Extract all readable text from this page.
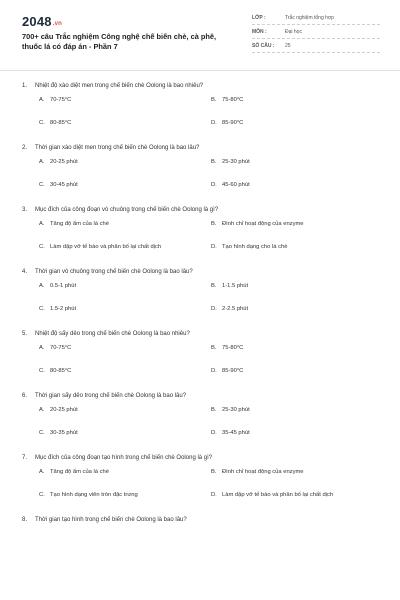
2048.vn
700+ câu Trắc nghiệm Công nghệ chế biến chè, cà phê, thuốc lá có đáp án - Phần 7
LỚP :	Trắc nghiệm tổng hợp
MÔN :	Đại học
SỐ CÂU : 25
1. Nhiệt độ xào diệt men trong chế biến chè Oolong là bao nhiêu?
A. 70-75°C	B. 75-80°C
C. 80-85°C	D. 85-90°C
2. Thời gian xào diệt men trong chế biến chè Oolong là bao lâu?
A. 20-25 phút	B. 25-30 phút
C. 30-45 phút	D. 45-60 phút
3. Mục đích của công đoạn vò chuông trong chế biến chè Oolong là gì?
A. Tăng độ ẩm của lá chè	B. Đình chỉ hoạt động của enzyme
C. Làm dập vỡ tế bào và phân bố lại chất dịch	D. Tạo hình dạng cho lá chè
4. Thời gian vò chuông trong chế biến chè Oolong là bao lâu?
A. 0.5-1 phút	B. 1-1.5 phút
C. 1.5-2 phút	D. 2-2.5 phút
5. Nhiệt độ sấy dẻo trong chế biến chè Oolong là bao nhiêu?
A. 70-75°C	B. 75-80°C
C. 80-85°C	D. 85-90°C
6. Thời gian sấy dẻo trong chế biến chè Oolong là bao lâu?
A. 20-25 phút	B. 25-30 phút
C. 30-35 phút	D. 35-45 phút
7. Mục đích của công đoạn tạo hình trong chế biến chè Oolong là gì?
A. Tăng độ ẩm của lá chè	B. Đình chỉ hoạt động của enzyme
C. Tạo hình dạng viên tròn đặc trưng	D. Làm dập vỡ tế bào và phân bố lại chất dịch
8. Thời gian tạo hình trong chế biến chè Oolong là bao lâu?
